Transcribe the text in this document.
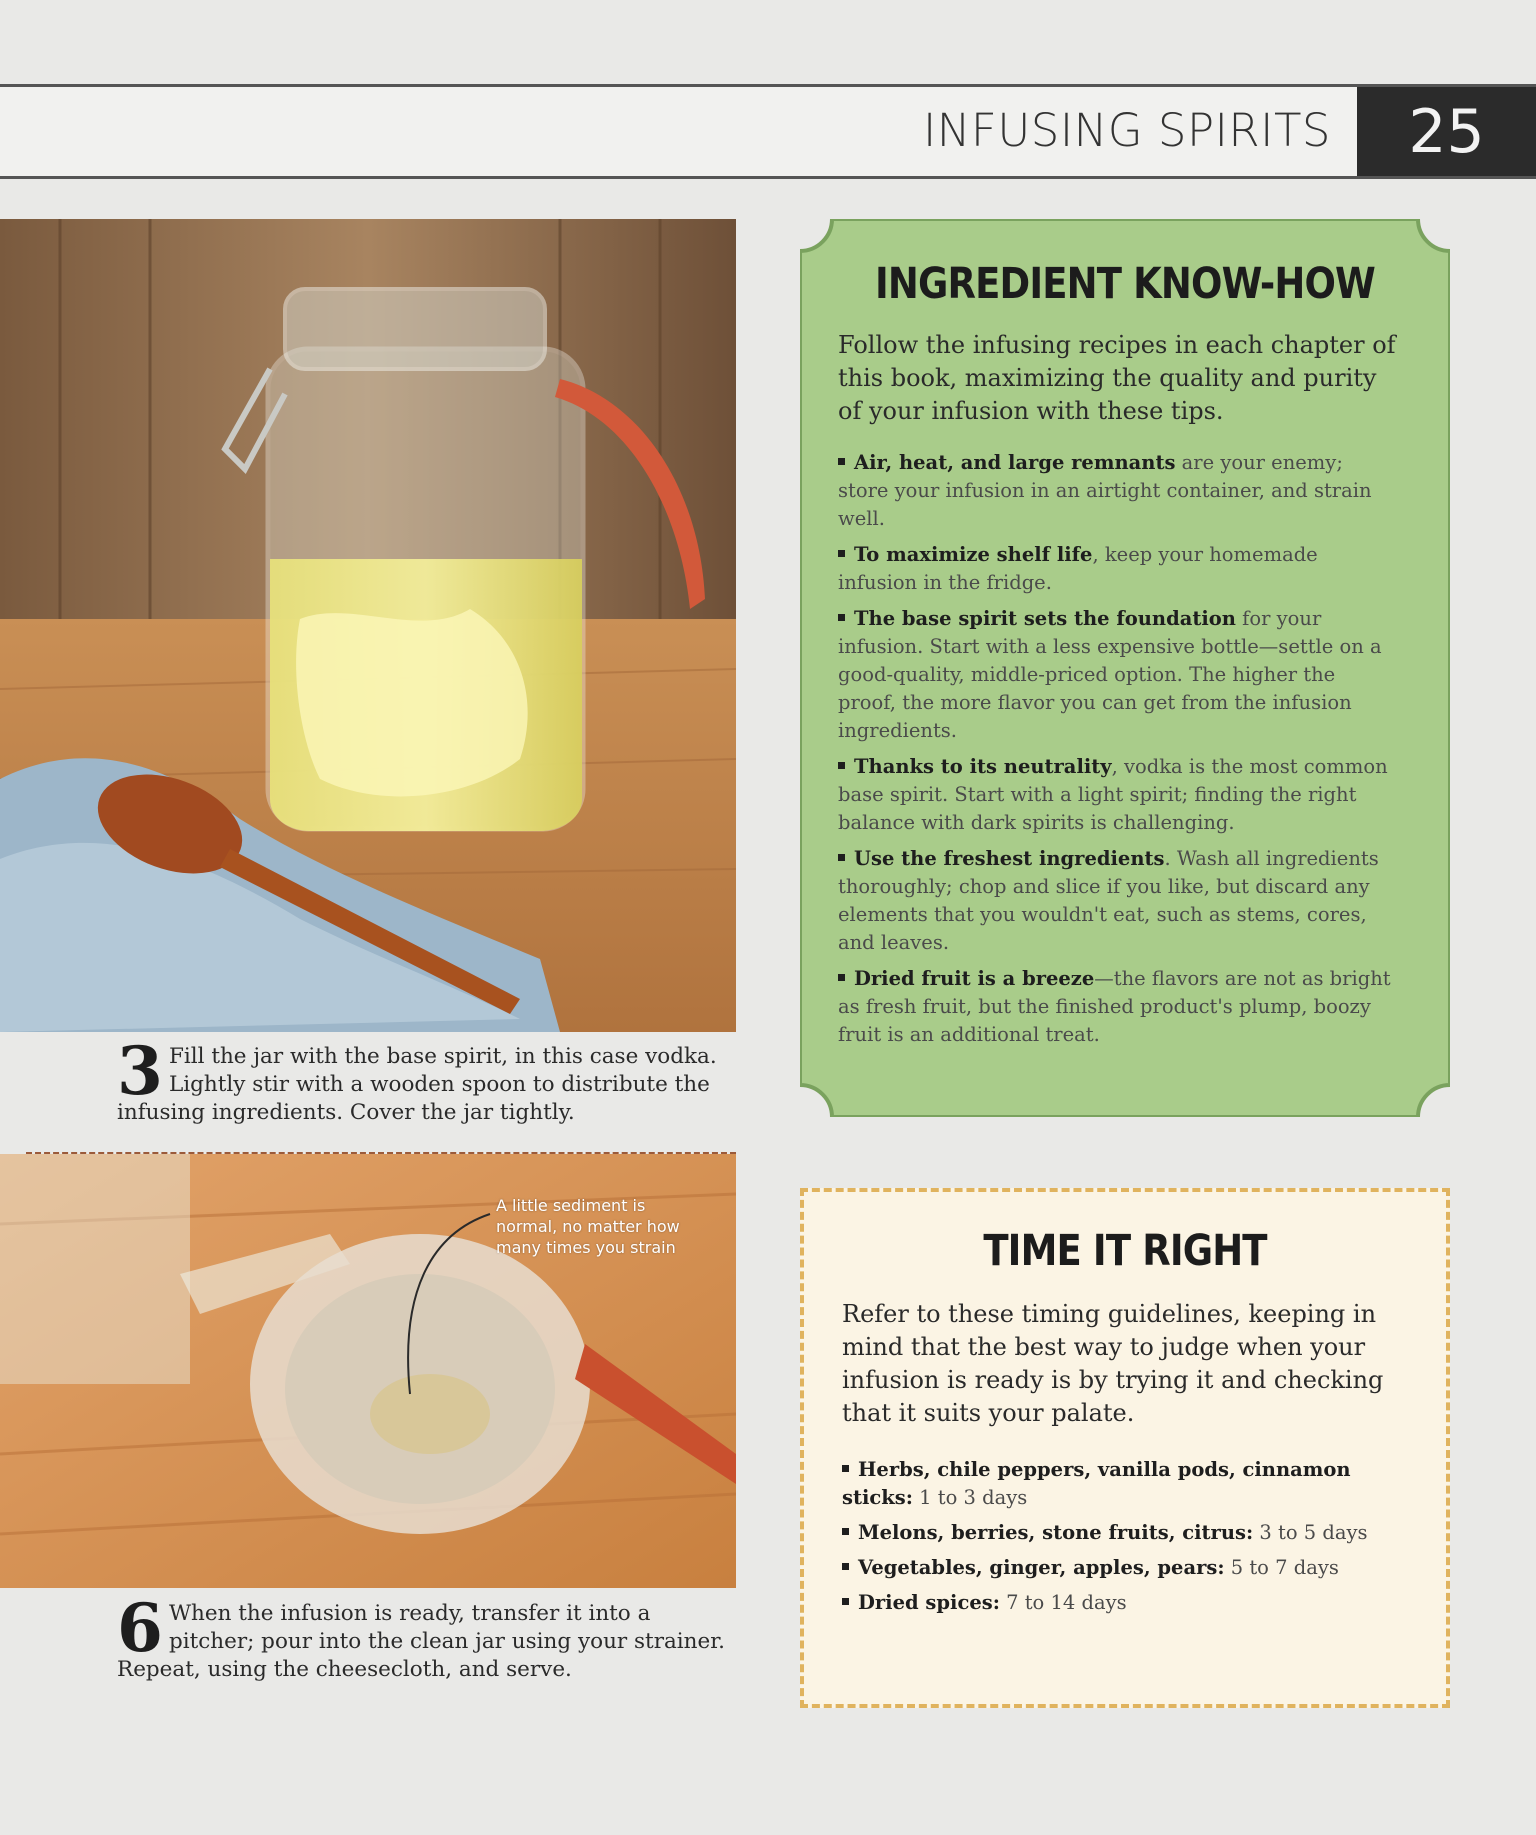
INFUSING SPIRITS	25
3 Fill the jar with the base spirit, in this case vodka. Lightly stir with a wooden spoon to distribute the infusing ingredients. Cover the jar tightly.
A little sediment is normal, no matter how many times you strain
6 When the infusion is ready, transfer it into a pitcher; pour into the clean jar using your strainer. Repeat, using the cheesecloth, and serve.
INGREDIENT KNOW-HOW
Follow the infusing recipes in each chapter of this book, maximizing the quality and purity of your infusion with these tips.
Air, heat, and large remnants are your enemy; store your infusion in an airtight container, and strain well.
To maximize shelf life, keep your homemade infusion in the fridge.
The base spirit sets the foundation for your infusion. Start with a less expensive bottle—settle on a good-quality, middle-priced option. The higher the proof, the more flavor you can get from the infusion ingredients.
Thanks to its neutrality, vodka is the most common base spirit. Start with a light spirit; finding the right balance with dark spirits is challenging.
Use the freshest ingredients. Wash all ingredients thoroughly; chop and slice if you like, but discard any elements that you wouldn't eat, such as stems, cores, and leaves.
Dried fruit is a breeze—the flavors are not as bright as fresh fruit, but the finished product's plump, boozy fruit is an additional treat.
TIME IT RIGHT
Refer to these timing guidelines, keeping in mind that the best way to judge when your infusion is ready is by trying it and checking that it suits your palate.
Herbs, chile peppers, vanilla pods, cinnamon sticks: 1 to 3 days
Melons, berries, stone fruits, citrus: 3 to 5 days
Vegetables, ginger, apples, pears: 5 to 7 days
Dried spices: 7 to 14 days
